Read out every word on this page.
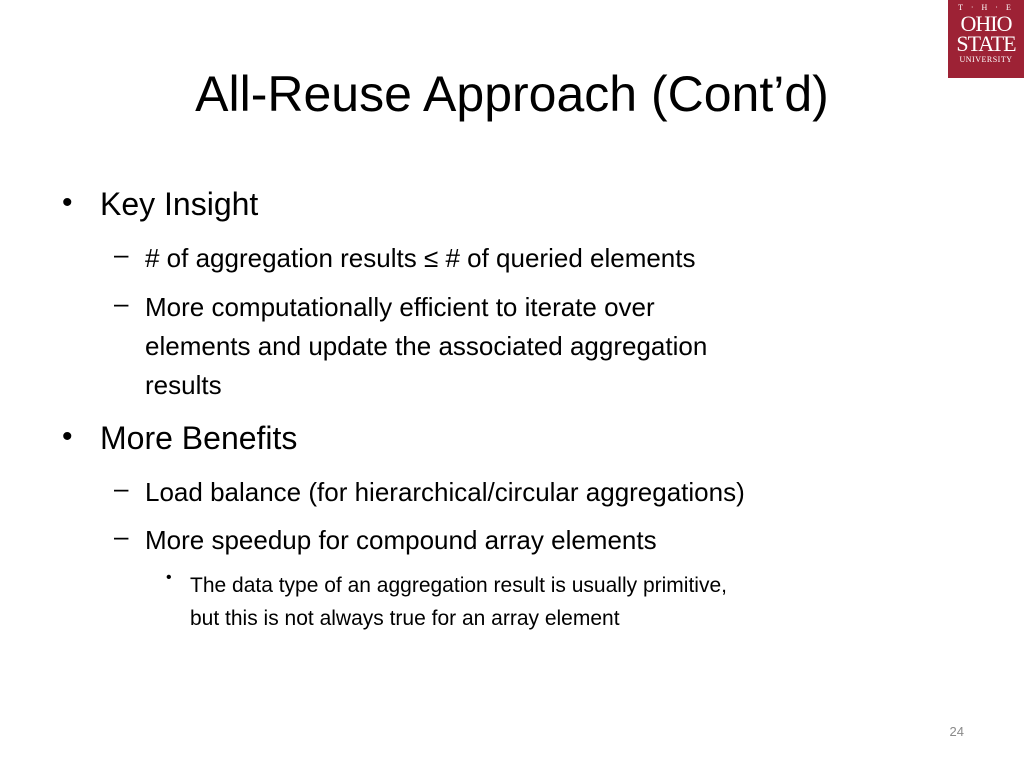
All-Reuse Approach (Cont’d)
T · H · E
OHIO
STATE
UNIVERSITY
• Key Insight
– # of aggregation results ≤ # of queried elements
– More computationally efficient to iterate over
elements and update the associated aggregation
results
• More Benefits
– Load balance (for hierarchical/circular aggregations)
– More speedup for compound array elements
• The data type of an aggregation result is usually primitive,
but this is not always true for an array element
24
